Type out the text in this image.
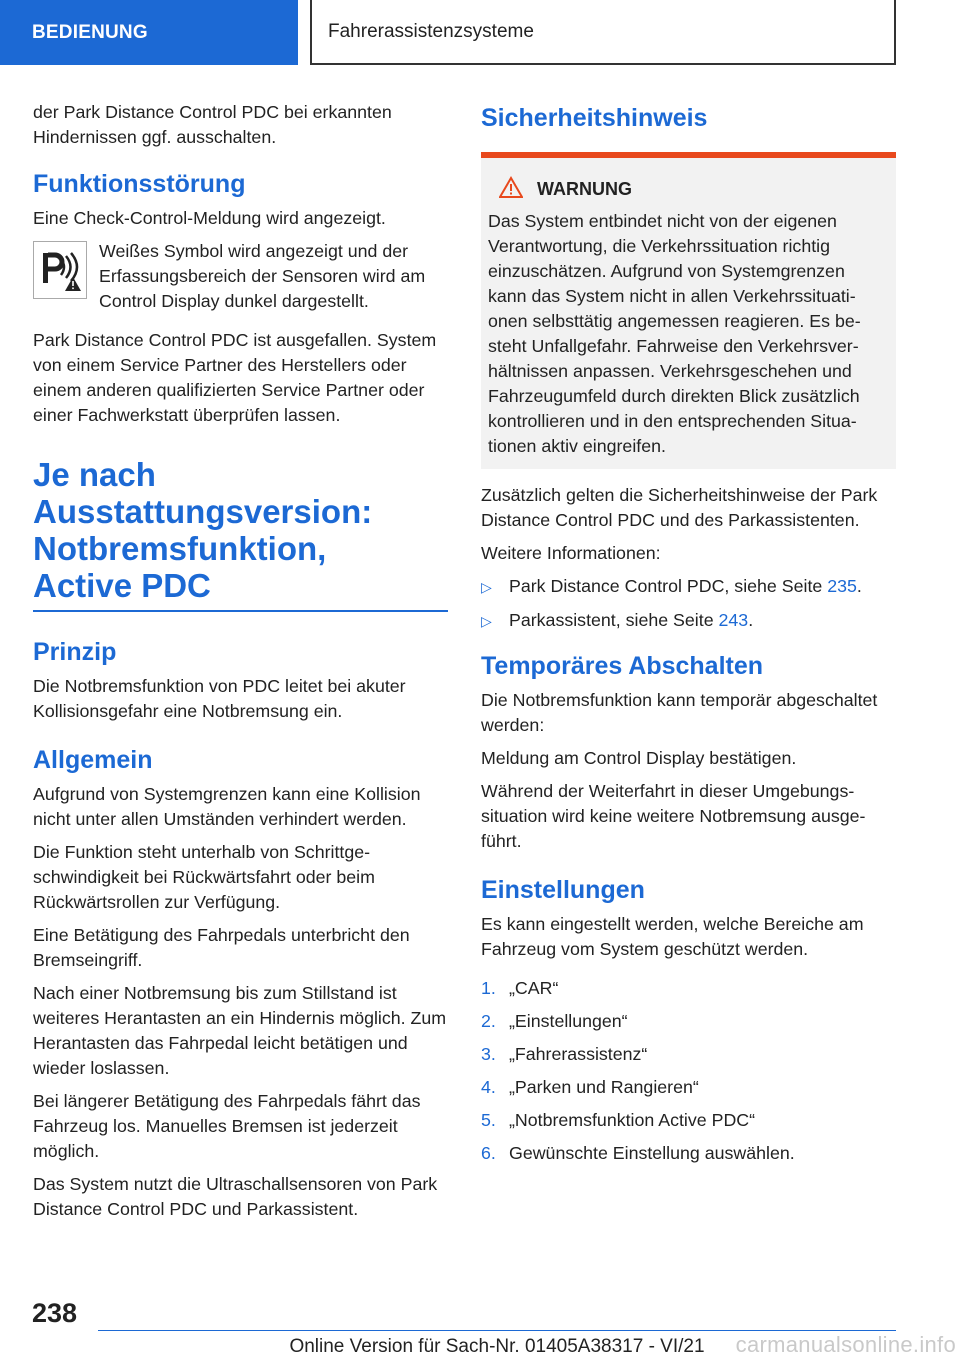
BEDIENUNG	Fahrerassistenzsysteme

der Park Distance Control PDC bei erkannten Hindernissen ggf. ausschalten.

Funktionsstörung

Eine Check-Control-Meldung wird angezeigt.

Weißes Symbol wird angezeigt und der Erfassungsbereich der Sensoren wird am Control Display dunkel dargestellt.

Park Distance Control PDC ist ausgefallen. System von einem Service Partner des Herstellers oder einem anderen qualifizierten Service Partner oder einer Fachwerkstatt überprüfen lassen.

Je nach
Ausstattungsversion:
Notbremsfunktion,
Active PDC
Prinzip

Die Notbremsfunktion von PDC leitet bei akuter Kollisionsgefahr eine Notbremsung ein.

Allgemein

Aufgrund von Systemgrenzen kann eine Kollision nicht unter allen Umständen verhindert werden.

Die Funktion steht unterhalb von Schrittgeschwindigkeit bei Rückwärtsfahrt oder beim Rückwärtsrollen zur Verfügung.

Eine Betätigung des Fahrpedals unterbricht den Bremseingriff.

Nach einer Notbremsung bis zum Stillstand ist weiteres Herantasten an ein Hindernis möglich. Zum Herantasten das Fahrpedal leicht betätigen und wieder loslassen.

Bei längerer Betätigung des Fahrpedals fährt das Fahrzeug los. Manuelles Bremsen ist jederzeit möglich.

Das System nutzt die Ultraschallsensoren von Park Distance Control PDC und Parkassistent.

Sicherheitshinweis
WARNUNG

Das System entbindet nicht von der eigenen Verantwortung, die Verkehrssituation richtig einzuschätzen. Aufgrund von Systemgrenzen kann das System nicht in allen Verkehrssituationen selbsttätig angemessen reagieren. Es besteht Unfallgefahr. Fahrweise den Verkehrsverhältnissen anpassen. Verkehrsgeschehen und Fahrzeugumfeld durch direkten Blick zusätzlich kontrollieren und in den entsprechenden Situationen aktiv eingreifen.

Zusätzlich gelten die Sicherheitshinweise der Park Distance Control PDC und des Parkassistenten.

Weitere Informationen:

▷ Park Distance Control PDC, siehe Seite 235.
▷ Parkassistent, siehe Seite 243.
Temporäres Abschalten

Die Notbremsfunktion kann temporär abgeschaltet werden:

Meldung am Control Display bestätigen.

Während der Weiterfahrt in dieser Umgebungssituation wird keine weitere Notbremsung ausgeführt.

Einstellungen

Es kann eingestellt werden, welche Bereiche am Fahrzeug vom System geschützt werden.

1. „CAR“
2. „Einstellungen“
3. „Fahrerassistenz“
4. „Parken und Rangieren“
5. „Notbremsfunktion Active PDC“
6. Gewünschte Einstellung auswählen.
238
Online Version für Sach-Nr. 01405A38317 - VI/21	carmanualsonline.info
